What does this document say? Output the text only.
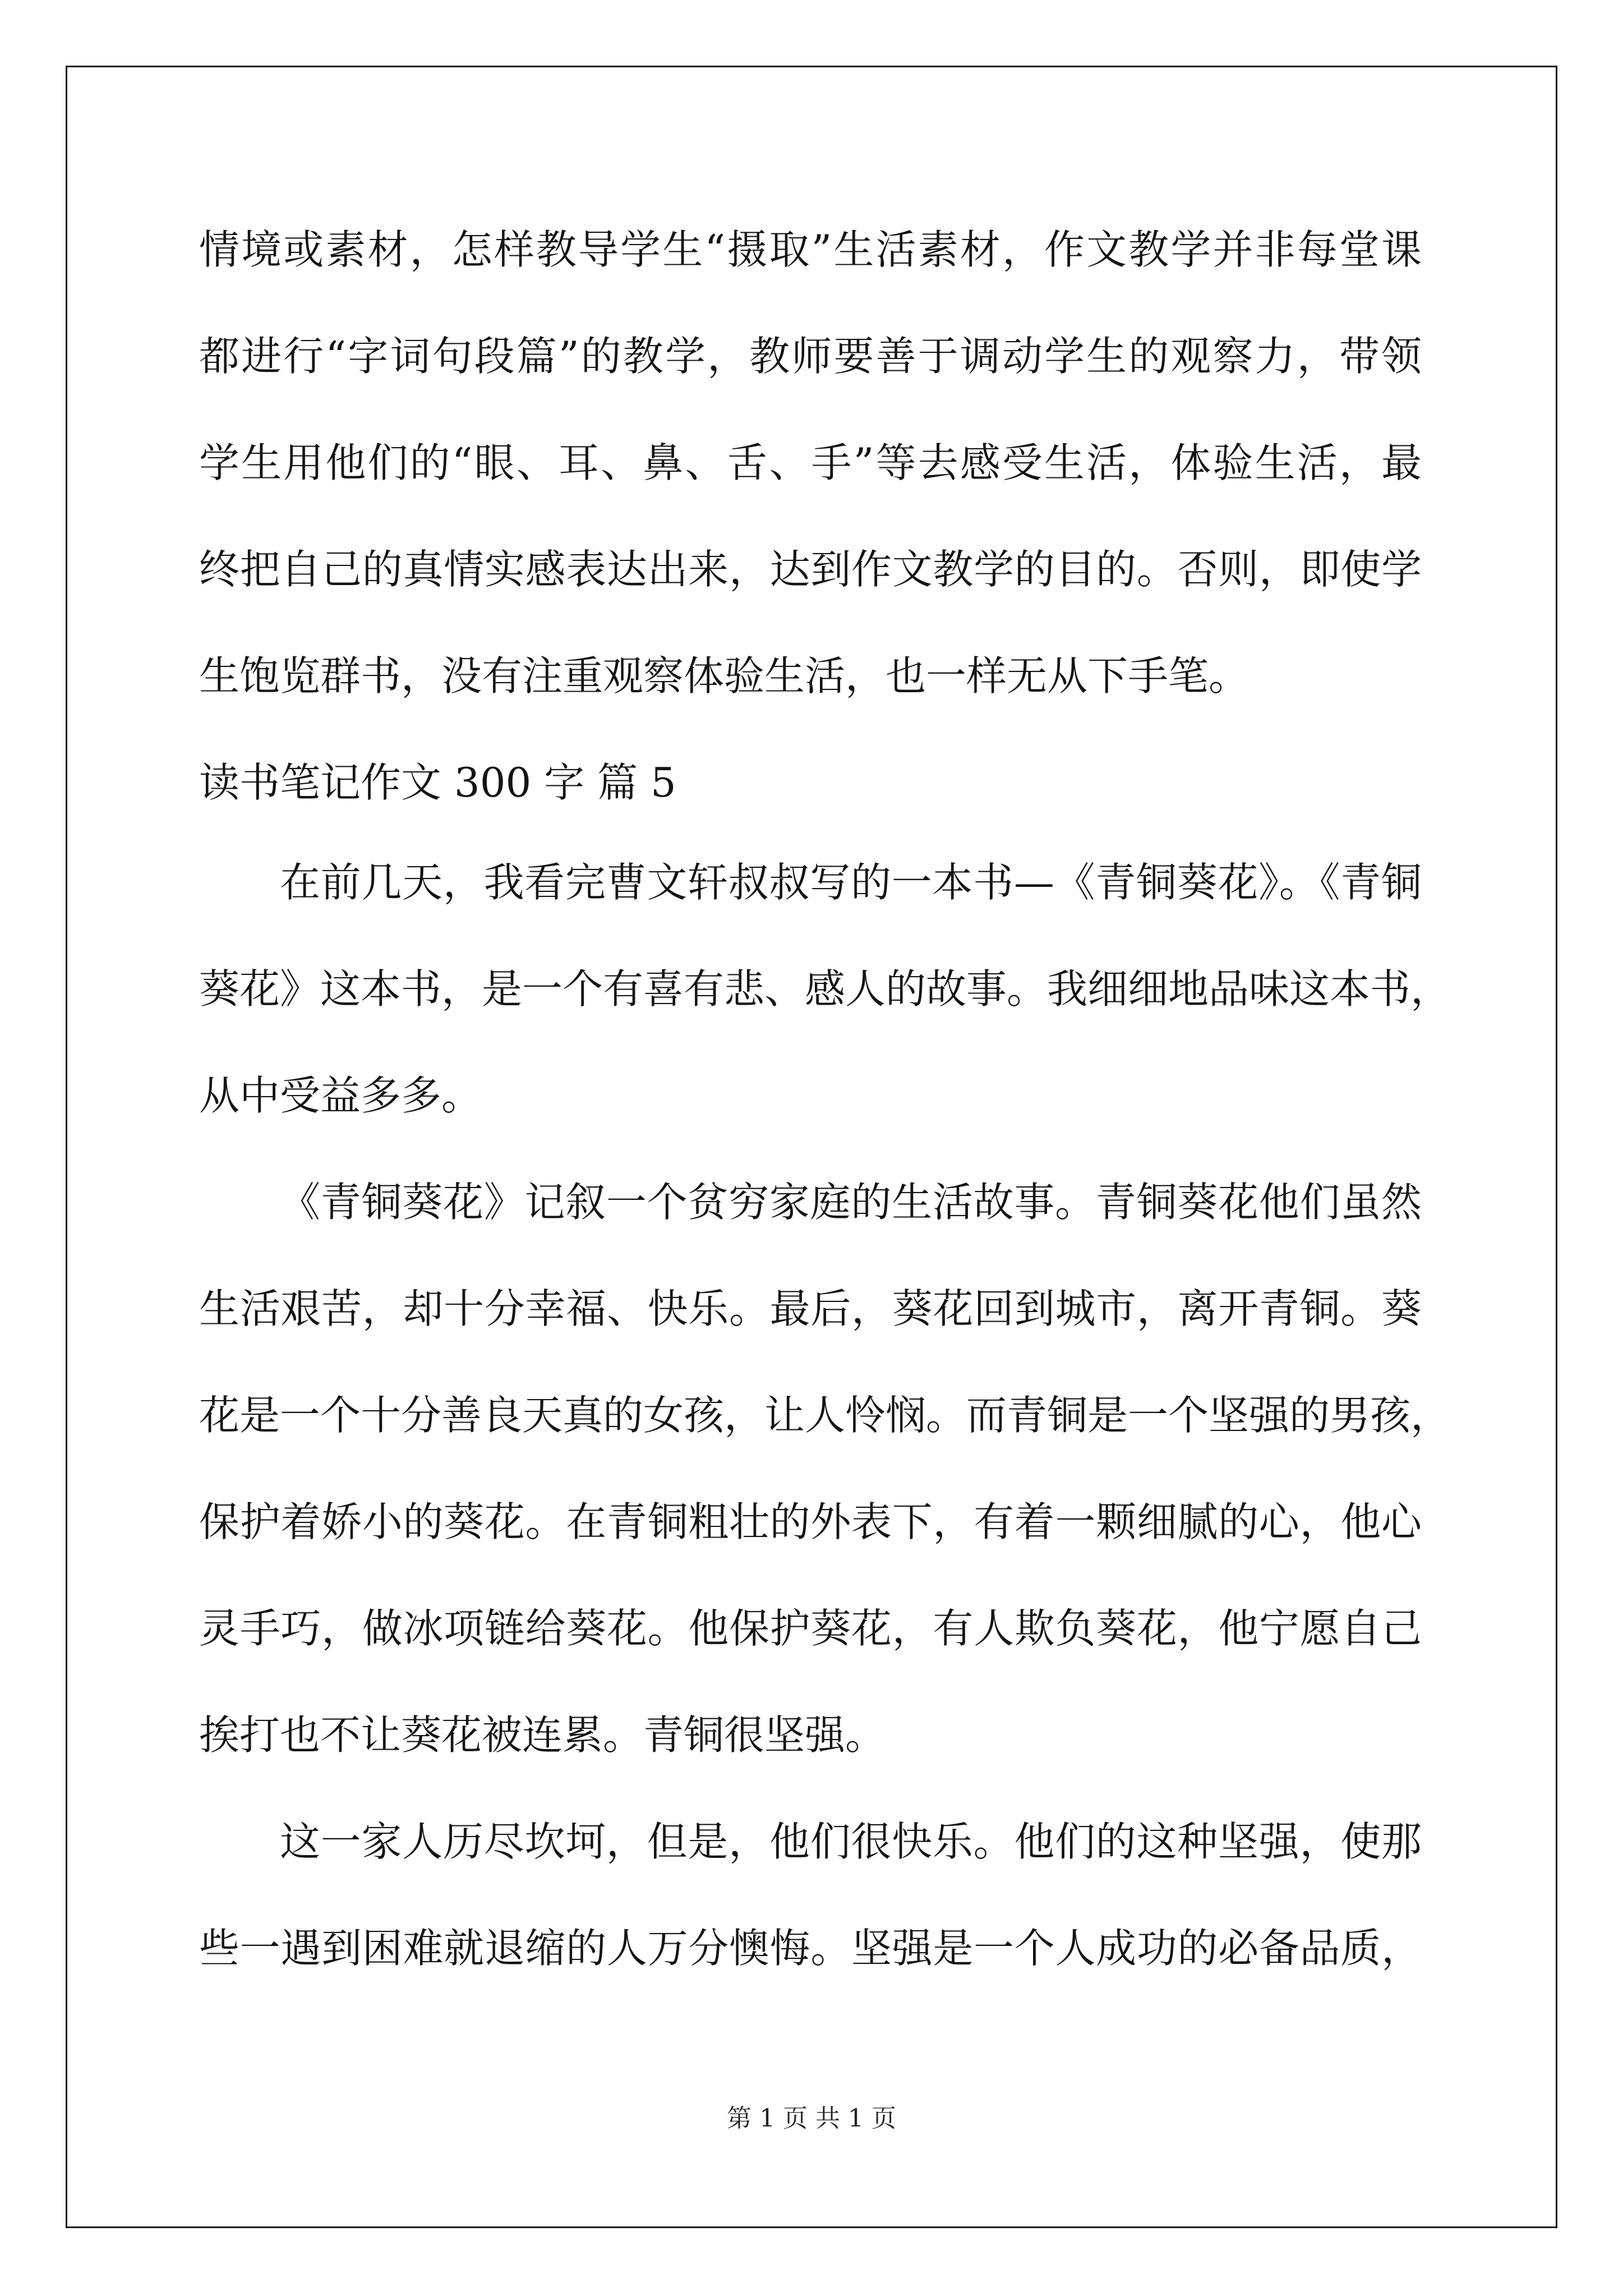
情境或素材，怎样教导学生“摄取”生活素材，作文教学并非每堂课
都进行“字词句段篇”的教学，教师要善于调动学生的观察力，带领
学生用他们的“眼、耳、鼻、舌、手”等去感受生活，体验生活，最
终把自己的真情实感表达出来，达到作文教学的目的。否则，即使学
生饱览群书，没有注重观察体验生活，也一样无从下手笔。
读书笔记作文 300 字 篇 5
在前几天，我看完曹文轩叔叔写的一本书—《青铜葵花》。《青铜
葵花》这本书，是一个有喜有悲、感人的故事。我细细地品味这本书，
从中受益多多。
《青铜葵花》记叙一个贫穷家庭的生活故事。青铜葵花他们虽然
生活艰苦，却十分幸福、快乐。最后，葵花回到城市，离开青铜。葵
花是一个十分善良天真的女孩，让人怜悯。而青铜是一个坚强的男孩，
保护着娇小的葵花。在青铜粗壮的外表下，有着一颗细腻的心，他心
灵手巧，做冰项链给葵花。他保护葵花，有人欺负葵花，他宁愿自己
挨打也不让葵花被连累。青铜很坚强。
这一家人历尽坎坷，但是，他们很快乐。他们的这种坚强，使那
些一遇到困难就退缩的人万分懊悔。坚强是一个人成功的必备品质，
第 1 页 共 1 页
